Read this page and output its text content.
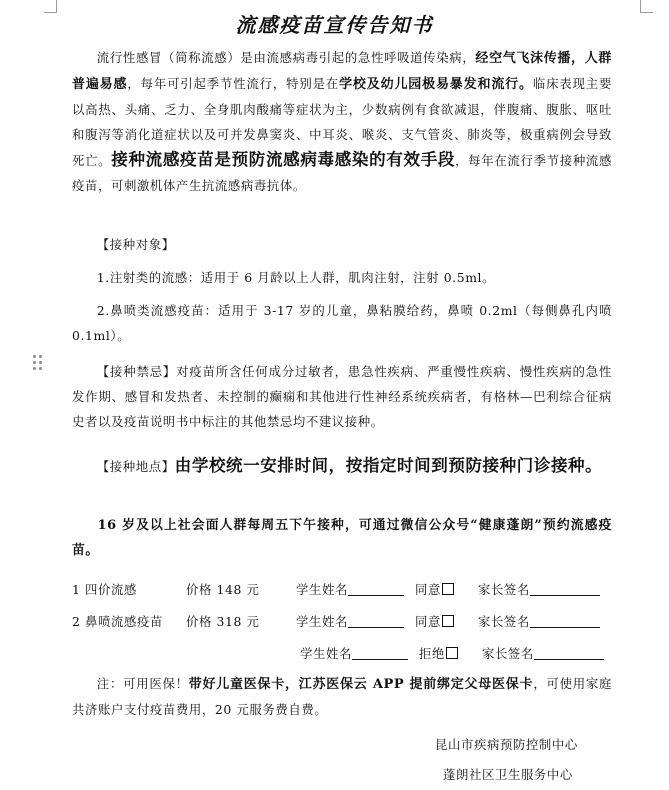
流感疫苗宣传告知书

流行性感冒（简称流感）是由流感病毒引起的急性呼吸道传染病，经空气飞沫传播，人群普遍易感，每年可引起季节性流行，特别是在学校及幼儿园极易暴发和流行。临床表现主要以高热、头痛、乏力、全身肌肉酸痛等症状为主，少数病例有食欲减退，伴腹痛、腹胀、呕吐和腹泻等消化道症状以及可并发鼻窦炎、中耳炎、喉炎、支气管炎、肺炎等，极重病例会导致死亡。接种流感疫苗是预防流感病毒感染的有效手段，每年在流行季节接种流感疫苗，可刺激机体产生抗流感病毒抗体。

【接种对象】

1.注射类的流感：适用于 6 月龄以上人群，肌肉注射，注射 0.5ml。

2.鼻喷类流感疫苗：适用于 3-17 岁的儿童，鼻粘膜给药，鼻喷 0.2ml（每侧鼻孔内喷 0.1ml）。

【接种禁忌】对疫苗所含任何成分过敏者，患急性疾病、严重慢性疾病、慢性疾病的急性发作期、感冒和发热者、未控制的癫痫和其他进行性神经系统疾病者，有格林—巴利综合征病史者以及疫苗说明书中标注的其他禁忌均不建议接种。

【接种地点】由学校统一安排时间，按指定时间到预防接种门诊接种。

16 岁及以上社会面人群每周五下午接种，可通过微信公众号“健康蓬朗”预约流感疫苗。

1 四价流感	价格 148 元	学生姓名	同意	家长签名
2 鼻喷流感疫苗 价格 318 元	学生姓名	同意	家长签名
学生姓名	拒绝	家长签名

注：可用医保！带好儿童医保卡，江苏医保云 APP 提前绑定父母医保卡，可使用家庭共济账户支付疫苗费用，20 元服务费自费。

昆山市疾病预防控制中心
蓬朗社区卫生服务中心
